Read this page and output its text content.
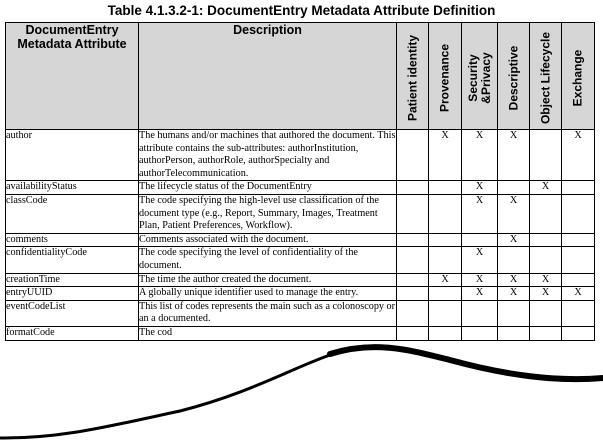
Table 4.1.3.2-1: DocumentEntry Metadata Attribute Definition
DocumentEntry Metadata Attribute	Description	Patient identity	Provenance	Security &Privacy	Descriptive	Object Lifecycle	Exchange

author	The humans and/or machines that authored the document. This attribute contains the sub-attributes: authorInstitution, authorPerson, authorRole, authorSpecialty and authorTelecommunication.		X	X	X		X
availabilityStatus	The lifecycle status of the DocumentEntry			X		X	
classCode	The code specifying the high-level use classification of the document type (e.g., Report, Summary, Images, Treatment Plan, Patient Preferences, Workflow).			X	X		
comments	Comments associated with the document.				X		
confidentialityCode	The code specifying the level of confidentiality of the document.			X			
creationTime	The time the author created the document.		X	X	X	X	
entryUUID	A globally unique identifier used to manage the entry.			X	X	X	X
eventCodeList	This list of codes represents the main such as a colonoscopy or an a documented.						
formatCode	The cod						
